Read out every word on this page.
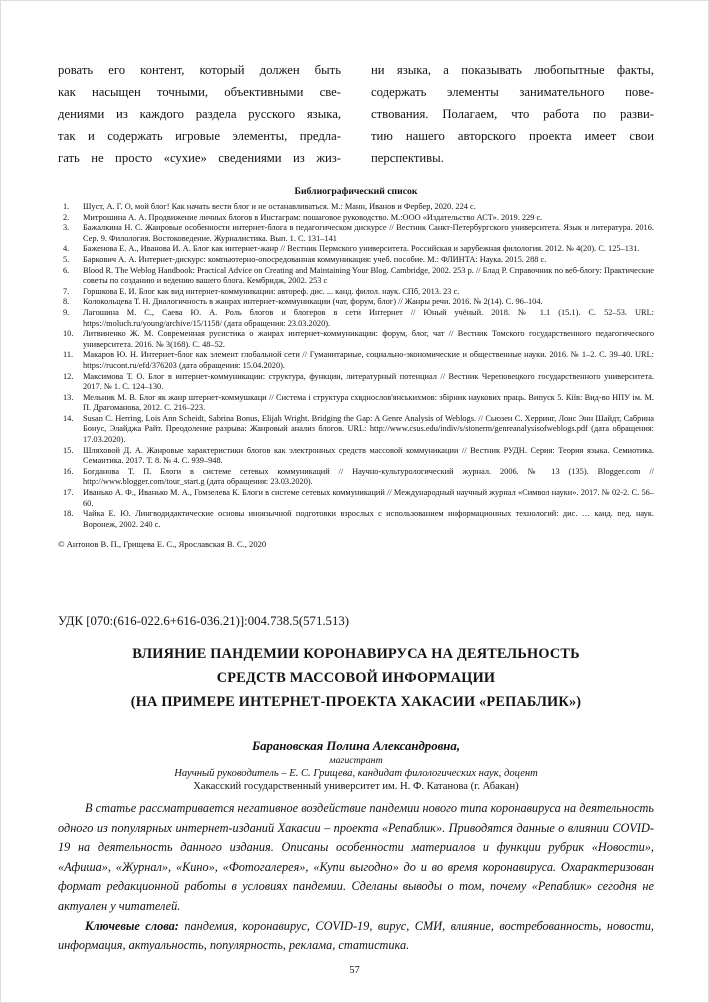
ровать его контент, который должен быть
как насыщен точными, объективными све-
дениями из каждого раздела русского языка,
так и содержать игровые элементы, предла-
гать не просто «сухие» сведениями из жиз-
ни языка, а показывать любопытные факты,
содержать элементы занимательного пове-
ствования. Полагаем, что работа по разви-
тию нашего авторского проекта имеет свои
перспективы.
Библиографический список
Шуст, А. Г. О, мой блог! Как начать вести блог и не останавливаться. М.: Манн, Иванов и Фербер, 2020. 224 с.
Митрошина А. А. Продвижение личных блогов в Инстаграм: пошаговое руководство. М.:ООО «Издательство АСТ». 2019. 229 с.
Бажалкина Н. С. Жанровые особенности интернет-блога в педагогическом дискурсе // Вестник Санкт-Петербургского университета. Язык и литература. 2016. Сер. 9. Филология. Востоковедение. Журналистика. Вып. 1. С. 131–141
Баженова Е. А., Иванова И. А. Блог как интернет-жанр // Вестник Пермского университета. Российская и зарубежная филология. 2012. № 4(20). С. 125–131.
Баркович А. А. Интернет-дискурс: компьютерно-опосредованная коммуникация: учеб. пособие. М.: ФЛИНТА: Наука. 2015. 288 с.
Blood R. The Weblog Handbook: Practical Advice on Creating and Maintaining Your Blog. Cambridge, 2002. 253 p. // Блад Р. Справочник по веб-блогу: Практические советы по созданию и ведению вашего блога. Кембридж, 2002. 253 с
Горшкова Е. И. Блог как вид интернет-коммуникации: автореф. дис. ... канд. филол. наук. СПб, 2013. 23 с.
Колокольцева Т. Н. Диалогичность в жанрах интернет-коммуникации (чат, форум, блог) // Жанры речи. 2016. № 2(14). С. 96–104.
Лагошина М. С., Саева Ю. А. Роль блогов и блогеров в сети Интернет // Юный учёный. 2018. № 1.1 (15.1). С. 52–53. URL: https://moluch.ru/young/archive/15/1158/ (дата обращения: 23.03.2020).
Литвиненко Ж. М. Современная русистика о жанрах интернет-коммуникации: форум, блог, чат // Вестник Томского государственного педагогического университета. 2016. № 3(168). С. 48–52.
Макаров Ю. Н. Интернет-блог как элемент глобальной сети // Гуманитарные, социально-экономические и общественные науки. 2016. № 1–2. С. 39–40. URL: https://rucont.ru/efd/376203 (дата обращения: 15.04.2020).
Максимова Т. О. Блог в интернет-коммуникации: структура, функции, литературный потенциал // Вестник Череповецкого государственного университета. 2017. № 1. С. 124–130.
Мельник М. В. Блог як жанр штернет-коммушкаци // Система і структура схвднослов'янськихмов: збірник наукових праць. Випуск 5. Кіїв: Вид-во НПУ ім. М. П. Драгоманова, 2012. С. 216–223.
Susan C. Herring, Lois Ann Scheidt, Sabrina Bonus, Elijah Wright. Bridging the Gap: A Genre Analysis of Weblogs. // Сьюзен С. Херринг, Лоис Энн Шайдт, Сабрина Бонус, Элайджа Райт. Преодоление разрыва: Жанровый анализ блогов. URL: http://www.csus.edu/indiv/s/stonerm/genreanalysisofweblogs.pdf (дата обращения: 17.03.2020).
Шляховой Д. А. Жанровые характеристики блогов как электронных средств массовой коммуникации // Вестник РУДН. Серия: Теория языка. Семиотика. Семантика. 2017. Т. 8. № 4. С. 939–948.
Богданова Т. П. Блоги в системе сетевых коммуникаций // Научно-культурологический журнал. 2006. № 13 (135). Blogger.com // http://www.blogger.com/tour_start.g (дата обращения: 23.03.2020).
Иванько А. Ф., Иванько М. А., Гомзелева К. Блоги в системе сетевых коммуникаций // Международный научный журнал «Символ науки». 2017. № 02-2. С. 56–60.
Чайка Е. Ю. Лингводидактические основы иноязычной подготовки взрослых с использованием информационных технологий: дис. … канд. пед. наук. Воронеж, 2002. 240 с.
© Антонов В. П., Грищева Е. С., Ярославская В. С., 2020
УДК [070:(616-022.6+616-036.21)]:004.738.5(571.513)
ВЛИЯНИЕ ПАНДЕМИИ КОРОНАВИРУСА НА ДЕЯТЕЛЬНОСТЬ
СРЕДСТВ МАССОВОЙ ИНФОРМАЦИИ
(НА ПРИМЕРЕ ИНТЕРНЕТ-ПРОЕКТА ХАКАСИИ «РЕПАБЛИК»)
Барановская Полина Александровна,
магистрант
Научный руководитель – Е. С. Грищева, кандидат филологических наук, доцент
Хакасский государственный университет им. Н. Ф. Катанова (г. Абакан)

В статье рассматривается негативное воздействие пандемии нового типа коронавируса на деятельность одного из популярных интернет-изданий Хакасии – проекта «Репаблик». Приводятся данные о влиянии COVID-19 на деятельность данного издания. Описаны особенности материалов и функции рубрик «Новости», «Афиша», «Журнал», «Кино», «Фотогалерея», «Купи выгодно» до и во время коронавируса. Охарактеризован формат редакционной работы в условиях пандемии. Сделаны выводы о том, почему «Репаблик» сегодня не актуален у читателей.

Ключевые слова: пандемия, коронавирус, COVID-19, вирус, СМИ, влияние, востребованность, новости, информация, актуальность, популярность, реклама, статистика.

57
